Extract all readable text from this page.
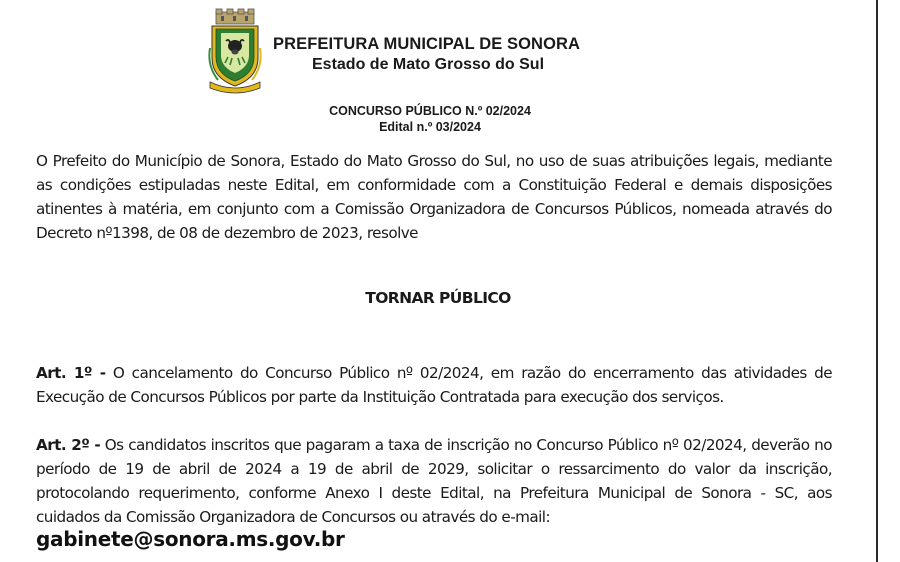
PREFEITURA MUNICIPAL DE SONORA
Estado de Mato Grosso do Sul
CONCURSO PÚBLICO N.º 02/2024
Edital n.º 03/2024
O Prefeito do Município de Sonora, Estado do Mato Grosso do Sul, no uso de suas atribuições legais, mediante as condições estipuladas neste Edital, em conformidade com a Constituição Federal e demais disposições atinentes à matéria, em conjunto com a Comissão Organizadora de Concursos Públicos, nomeada através do Decreto nº1398, de 08 de dezembro de 2023, resolve
TORNAR PÚBLICO
Art. 1º - O cancelamento do Concurso Público nº 02/2024, em razão do encerramento das atividades de Execução de Concursos Públicos por parte da Instituição Contratada para execução dos serviços.
Art. 2º - Os candidatos inscritos que pagaram a taxa de inscrição no Concurso Público nº 02/2024, deverão no período de 19 de abril de 2024 a 19 de abril de 2029, solicitar o ressarcimento do valor da inscrição, protocolando requerimento, conforme Anexo I deste Edital, na Prefeitura Municipal de Sonora - SC, aos cuidados da Comissão Organizadora de Concursos ou através do e-mail:
gabinete@sonora.ms.gov.br
